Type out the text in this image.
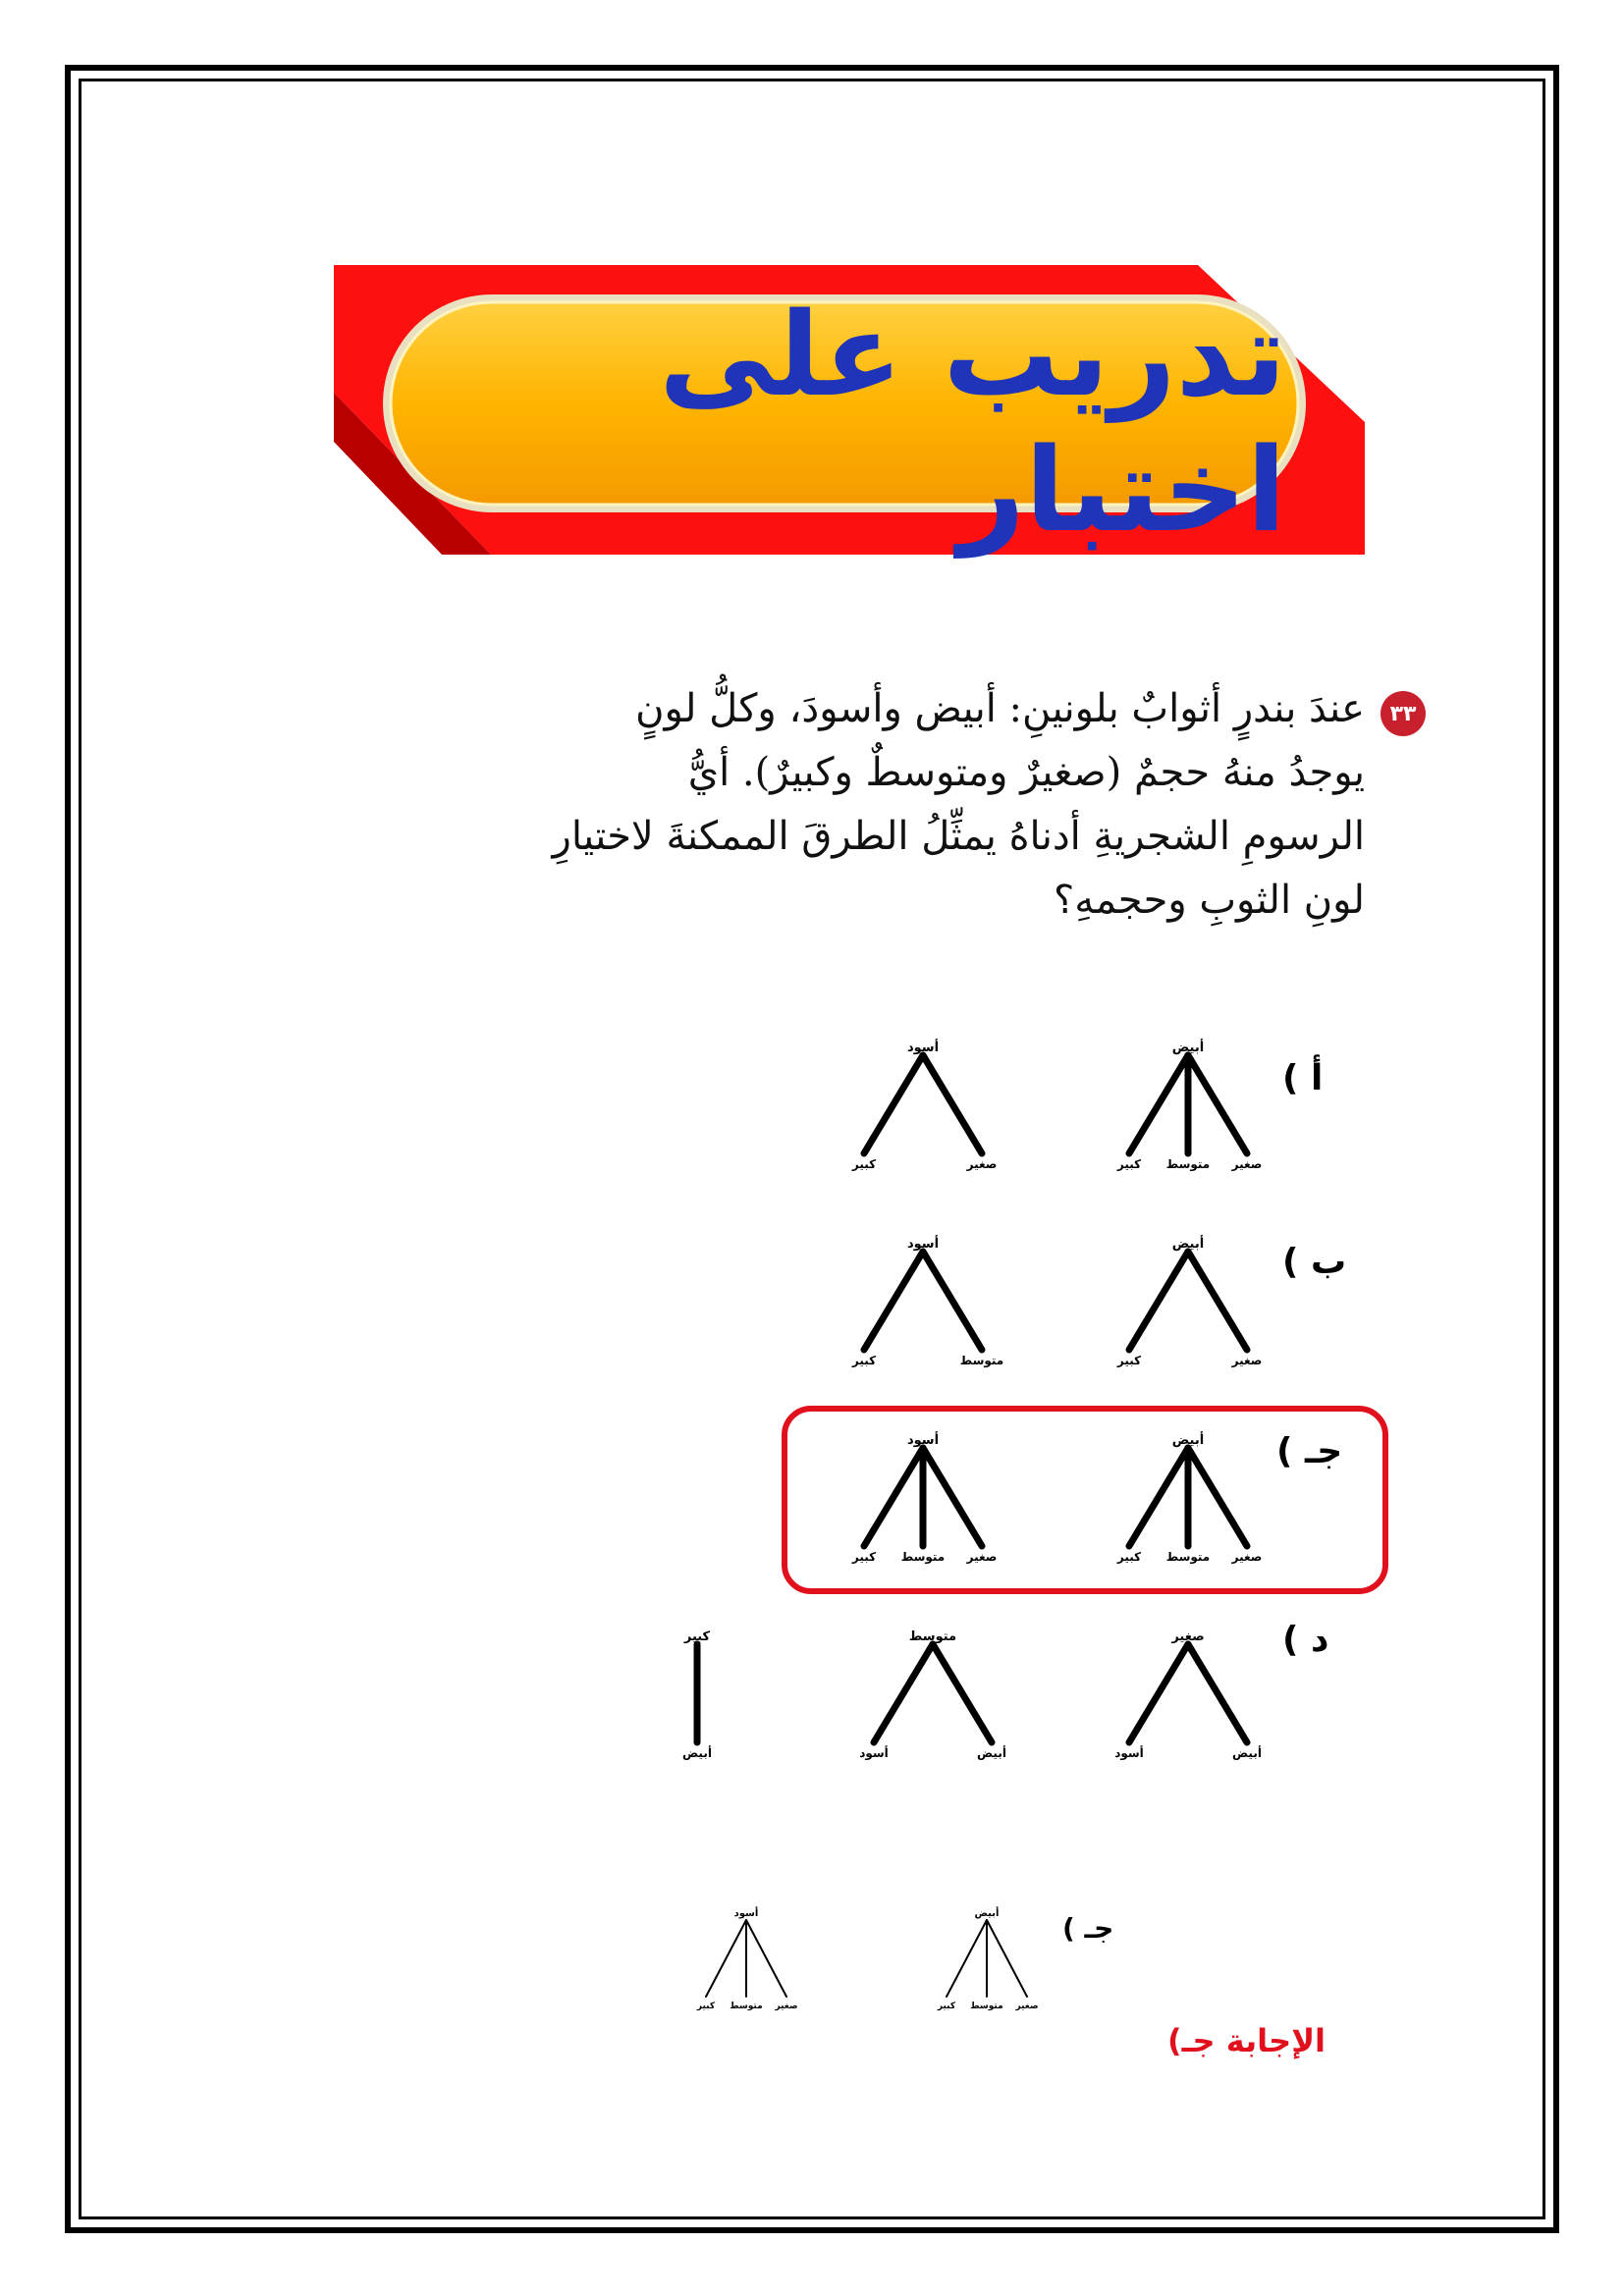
تدريب على اختبار
٣٣

عندَ بندرٍ أثوابٌ بلونينِ: أبيض وأسودَ، وكلُّ لونٍ

يوجدُ منهُ حجمٌ (صغيرٌ ومتوسطٌ وكبيرٌ). أيُّ

الرسومِ الشجريةِ أدناهُ يمثِّلُ الطرقَ الممكنةَ لاختيارِ

لونِ الثوبِ وحجمهِ؟

أ )
ب )
جـ )
د )
أبيض
صغير
متوسط
كبير
أسود
صغير
كبير
أبيض
صغير
كبير
أسود
متوسط
كبير
أبيض
صغير
متوسط
كبير
أسود
صغير
متوسط
كبير
صغير
أبيض
أسود
متوسط
أبيض
أسود
كبير
أبيض
جـ )
أبيض
صغير
متوسط
كبير
أسود
صغير
متوسط
كبير
الإجابة جـ)
